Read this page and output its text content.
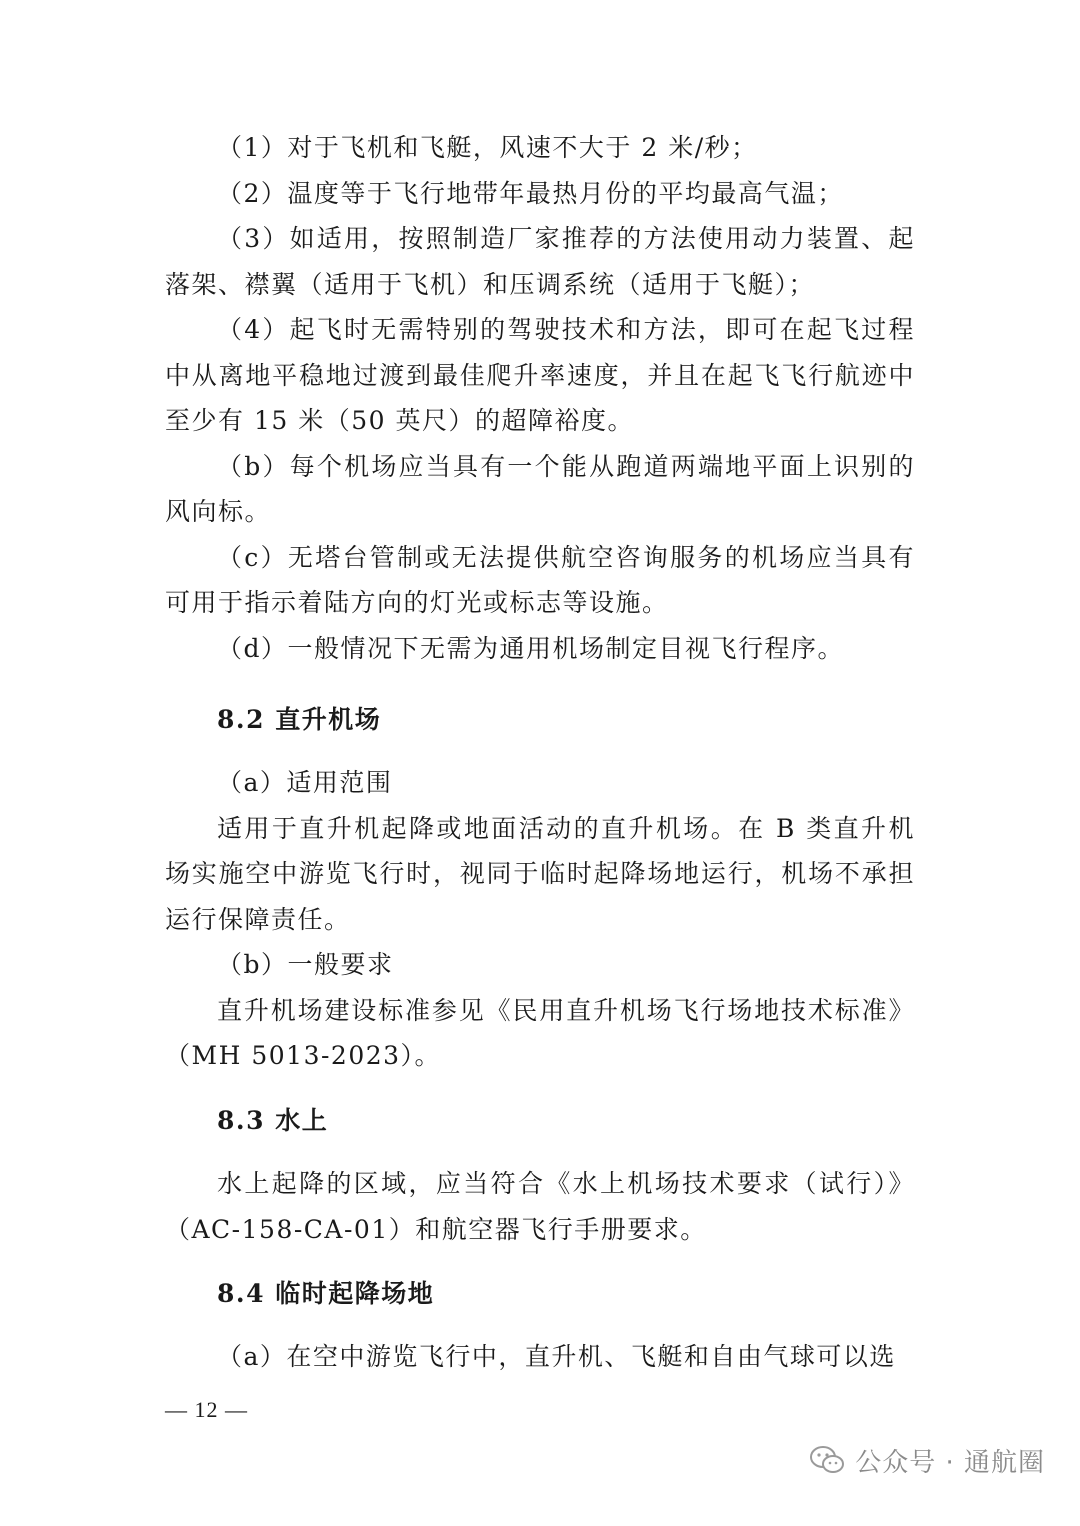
（1）对于飞机和飞艇，风速不大于 2 米/秒；

（2）温度等于飞行地带年最热月份的平均最高气温；

（3）如适用，按照制造厂家推荐的方法使用动力装置、起落架、襟翼（适用于飞机）和压调系统（适用于飞艇）；

（4）起飞时无需特别的驾驶技术和方法，即可在起飞过程中从离地平稳地过渡到最佳爬升率速度，并且在起飞飞行航迹中至少有 15 米（50 英尺）的超障裕度。

（b）每个机场应当具有一个能从跑道两端地平面上识别的风向标。

（c）无塔台管制或无法提供航空咨询服务的机场应当具有可用于指示着陆方向的灯光或标志等设施。

（d）一般情况下无需为通用机场制定目视飞行程序。

8.2 直升机场

（a）适用范围

适用于直升机起降或地面活动的直升机场。在 B 类直升机场实施空中游览飞行时，视同于临时起降场地运行，机场不承担运行保障责任。

（b）一般要求

直升机场建设标准参见《民用直升机场飞行场地技术标准》（MH 5013-2023）。

8.3 水上

水上起降的区域，应当符合《水上机场技术要求（试行）》（AC-158-CA-01）和航空器飞行手册要求。

8.4 临时起降场地

（a）在空中游览飞行中，直升机、飞艇和自由气球可以选

— 12 —
公众号 · 通航圈
